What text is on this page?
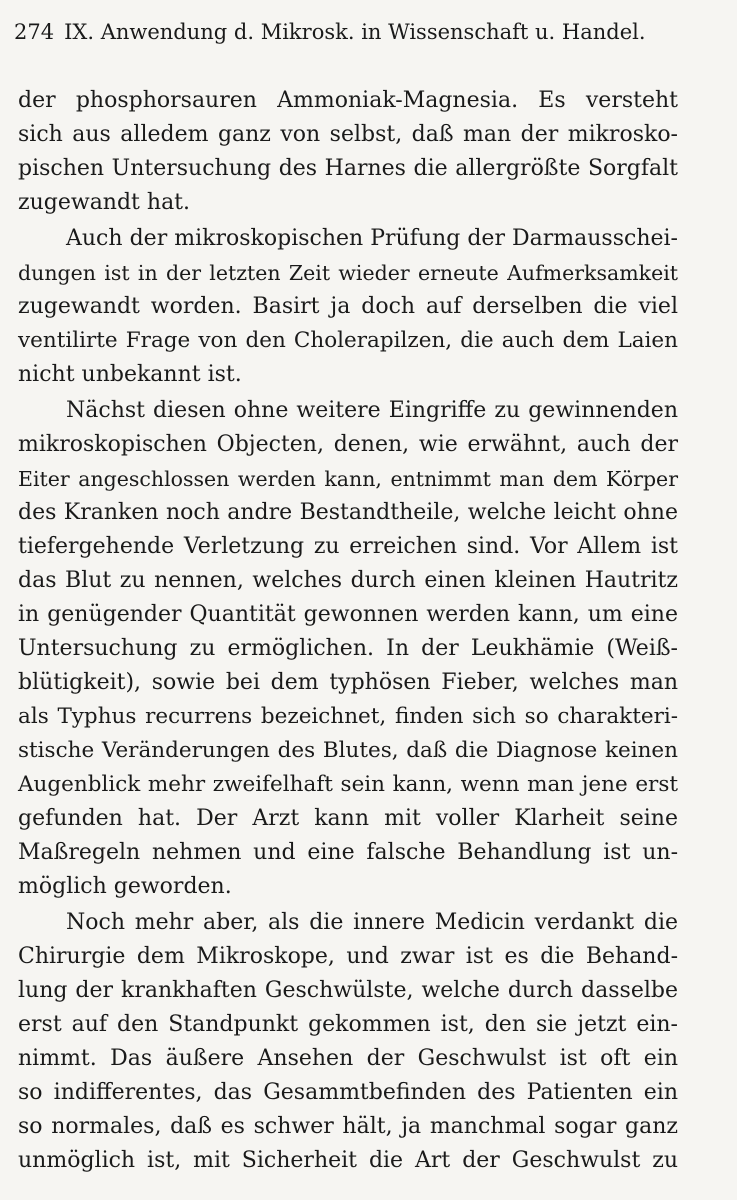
274 IX. Anwendung d. Mikrosk. in Wissenschaft u. Handel.
der phosphorsauren Ammoniak-Magnesia. Es versteht
sich aus alledem ganz von selbst, daß man der mikrosko-
pischen Untersuchung des Harnes die allergrößte Sorgfalt
zugewandt hat.
Auch der mikroskopischen Prüfung der Darmausschei-
dungen ist in der letzten Zeit wieder erneute Aufmerksamkeit
zugewandt worden. Basirt ja doch auf derselben die viel
ventilirte Frage von den Cholerapilzen, die auch dem Laien
nicht unbekannt ist.
Nächst diesen ohne weitere Eingriffe zu gewinnenden
mikroskopischen Objecten, denen, wie erwähnt, auch der
Eiter angeschlossen werden kann, entnimmt man dem Körper
des Kranken noch andre Bestandtheile, welche leicht ohne
tiefergehende Verletzung zu erreichen sind. Vor Allem ist
das Blut zu nennen, welches durch einen kleinen Hautritz
in genügender Quantität gewonnen werden kann, um eine
Untersuchung zu ermöglichen. In der Leukhämie (Weiß-
blütigkeit), sowie bei dem typhösen Fieber, welches man
als Typhus recurrens bezeichnet, finden sich so charakteri-
stische Veränderungen des Blutes, daß die Diagnose keinen
Augenblick mehr zweifelhaft sein kann, wenn man jene erst
gefunden hat. Der Arzt kann mit voller Klarheit seine
Maßregeln nehmen und eine falsche Behandlung ist un-
möglich geworden.
Noch mehr aber, als die innere Medicin verdankt die
Chirurgie dem Mikroskope, und zwar ist es die Behand-
lung der krankhaften Geschwülste, welche durch dasselbe
erst auf den Standpunkt gekommen ist, den sie jetzt ein-
nimmt. Das äußere Ansehen der Geschwulst ist oft ein
so indifferentes, das Gesammtbefinden des Patienten ein
so normales, daß es schwer hält, ja manchmal sogar ganz
unmöglich ist, mit Sicherheit die Art der Geschwulst zu
